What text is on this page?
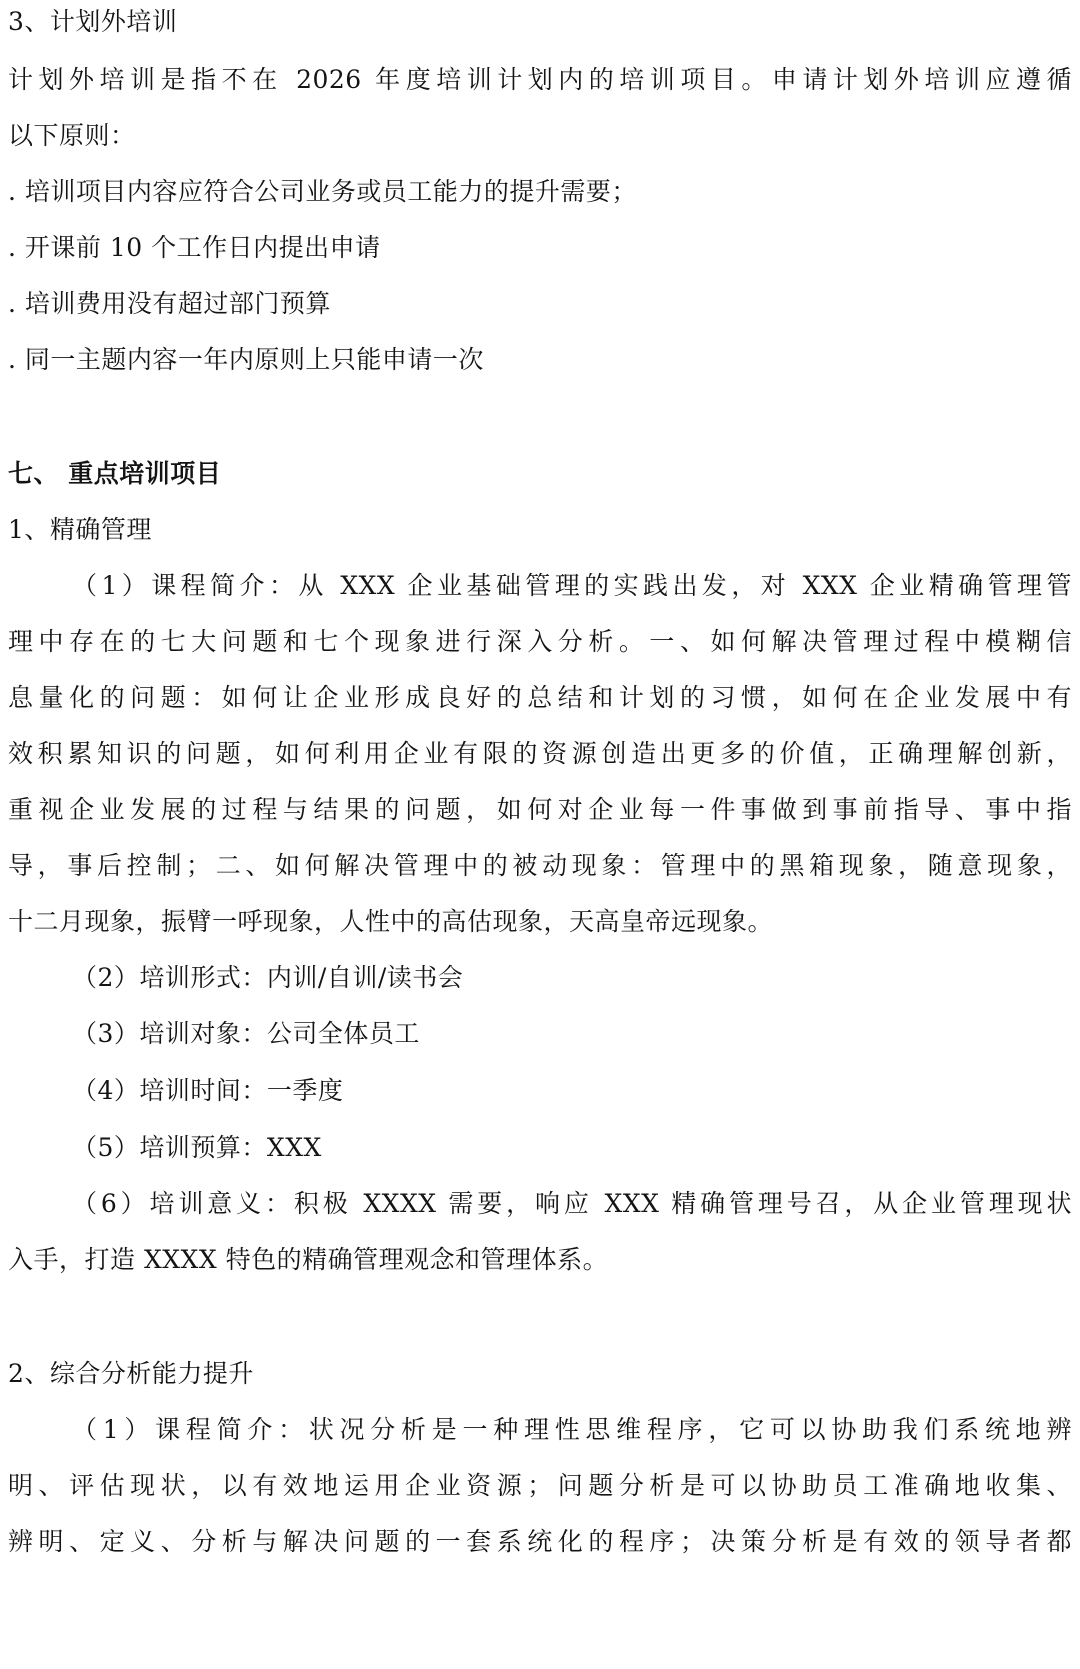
3、计划外培训
计划外培训是指不在 2026 年度培训计划内的培训项目。申请计划外培训应遵循
以下原则：
. 培训项目内容应符合公司业务或员工能力的提升需要；
. 开课前 10 个工作日内提出申请
. 培训费用没有超过部门预算
. 同一主题内容一年内原则上只能申请一次
七、 重点培训项目
1、精确管理
（1）课程简介：从 XXX 企业基础管理的实践出发，对 XXX 企业精确管理管
理中存在的七大问题和七个现象进行深入分析。一、如何解决管理过程中模糊信
息量化的问题：如何让企业形成良好的总结和计划的习惯，如何在企业发展中有
效积累知识的问题，如何利用企业有限的资源创造出更多的价值，正确理解创新，
重视企业发展的过程与结果的问题，如何对企业每一件事做到事前指导、事中指
导，事后控制；二、如何解决管理中的被动现象：管理中的黑箱现象，随意现象，
十二月现象，振臂一呼现象，人性中的高估现象，天高皇帝远现象。
（2）培训形式：内训/自训/读书会
（3）培训对象：公司全体员工
（4）培训时间：一季度
（5）培训预算：XXX
（6）培训意义：积极 XXXX 需要，响应 XXX 精确管理号召，从企业管理现状
入手，打造 XXXX 特色的精确管理观念和管理体系。
2、综合分析能力提升
（1）课程简介：状况分析是一种理性思维程序，它可以协助我们系统地辨
明、评估现状，以有效地运用企业资源；问题分析是可以协助员工准确地收集、
辨明、定义、分析与解决问题的一套系统化的程序；决策分析是有效的领导者都
